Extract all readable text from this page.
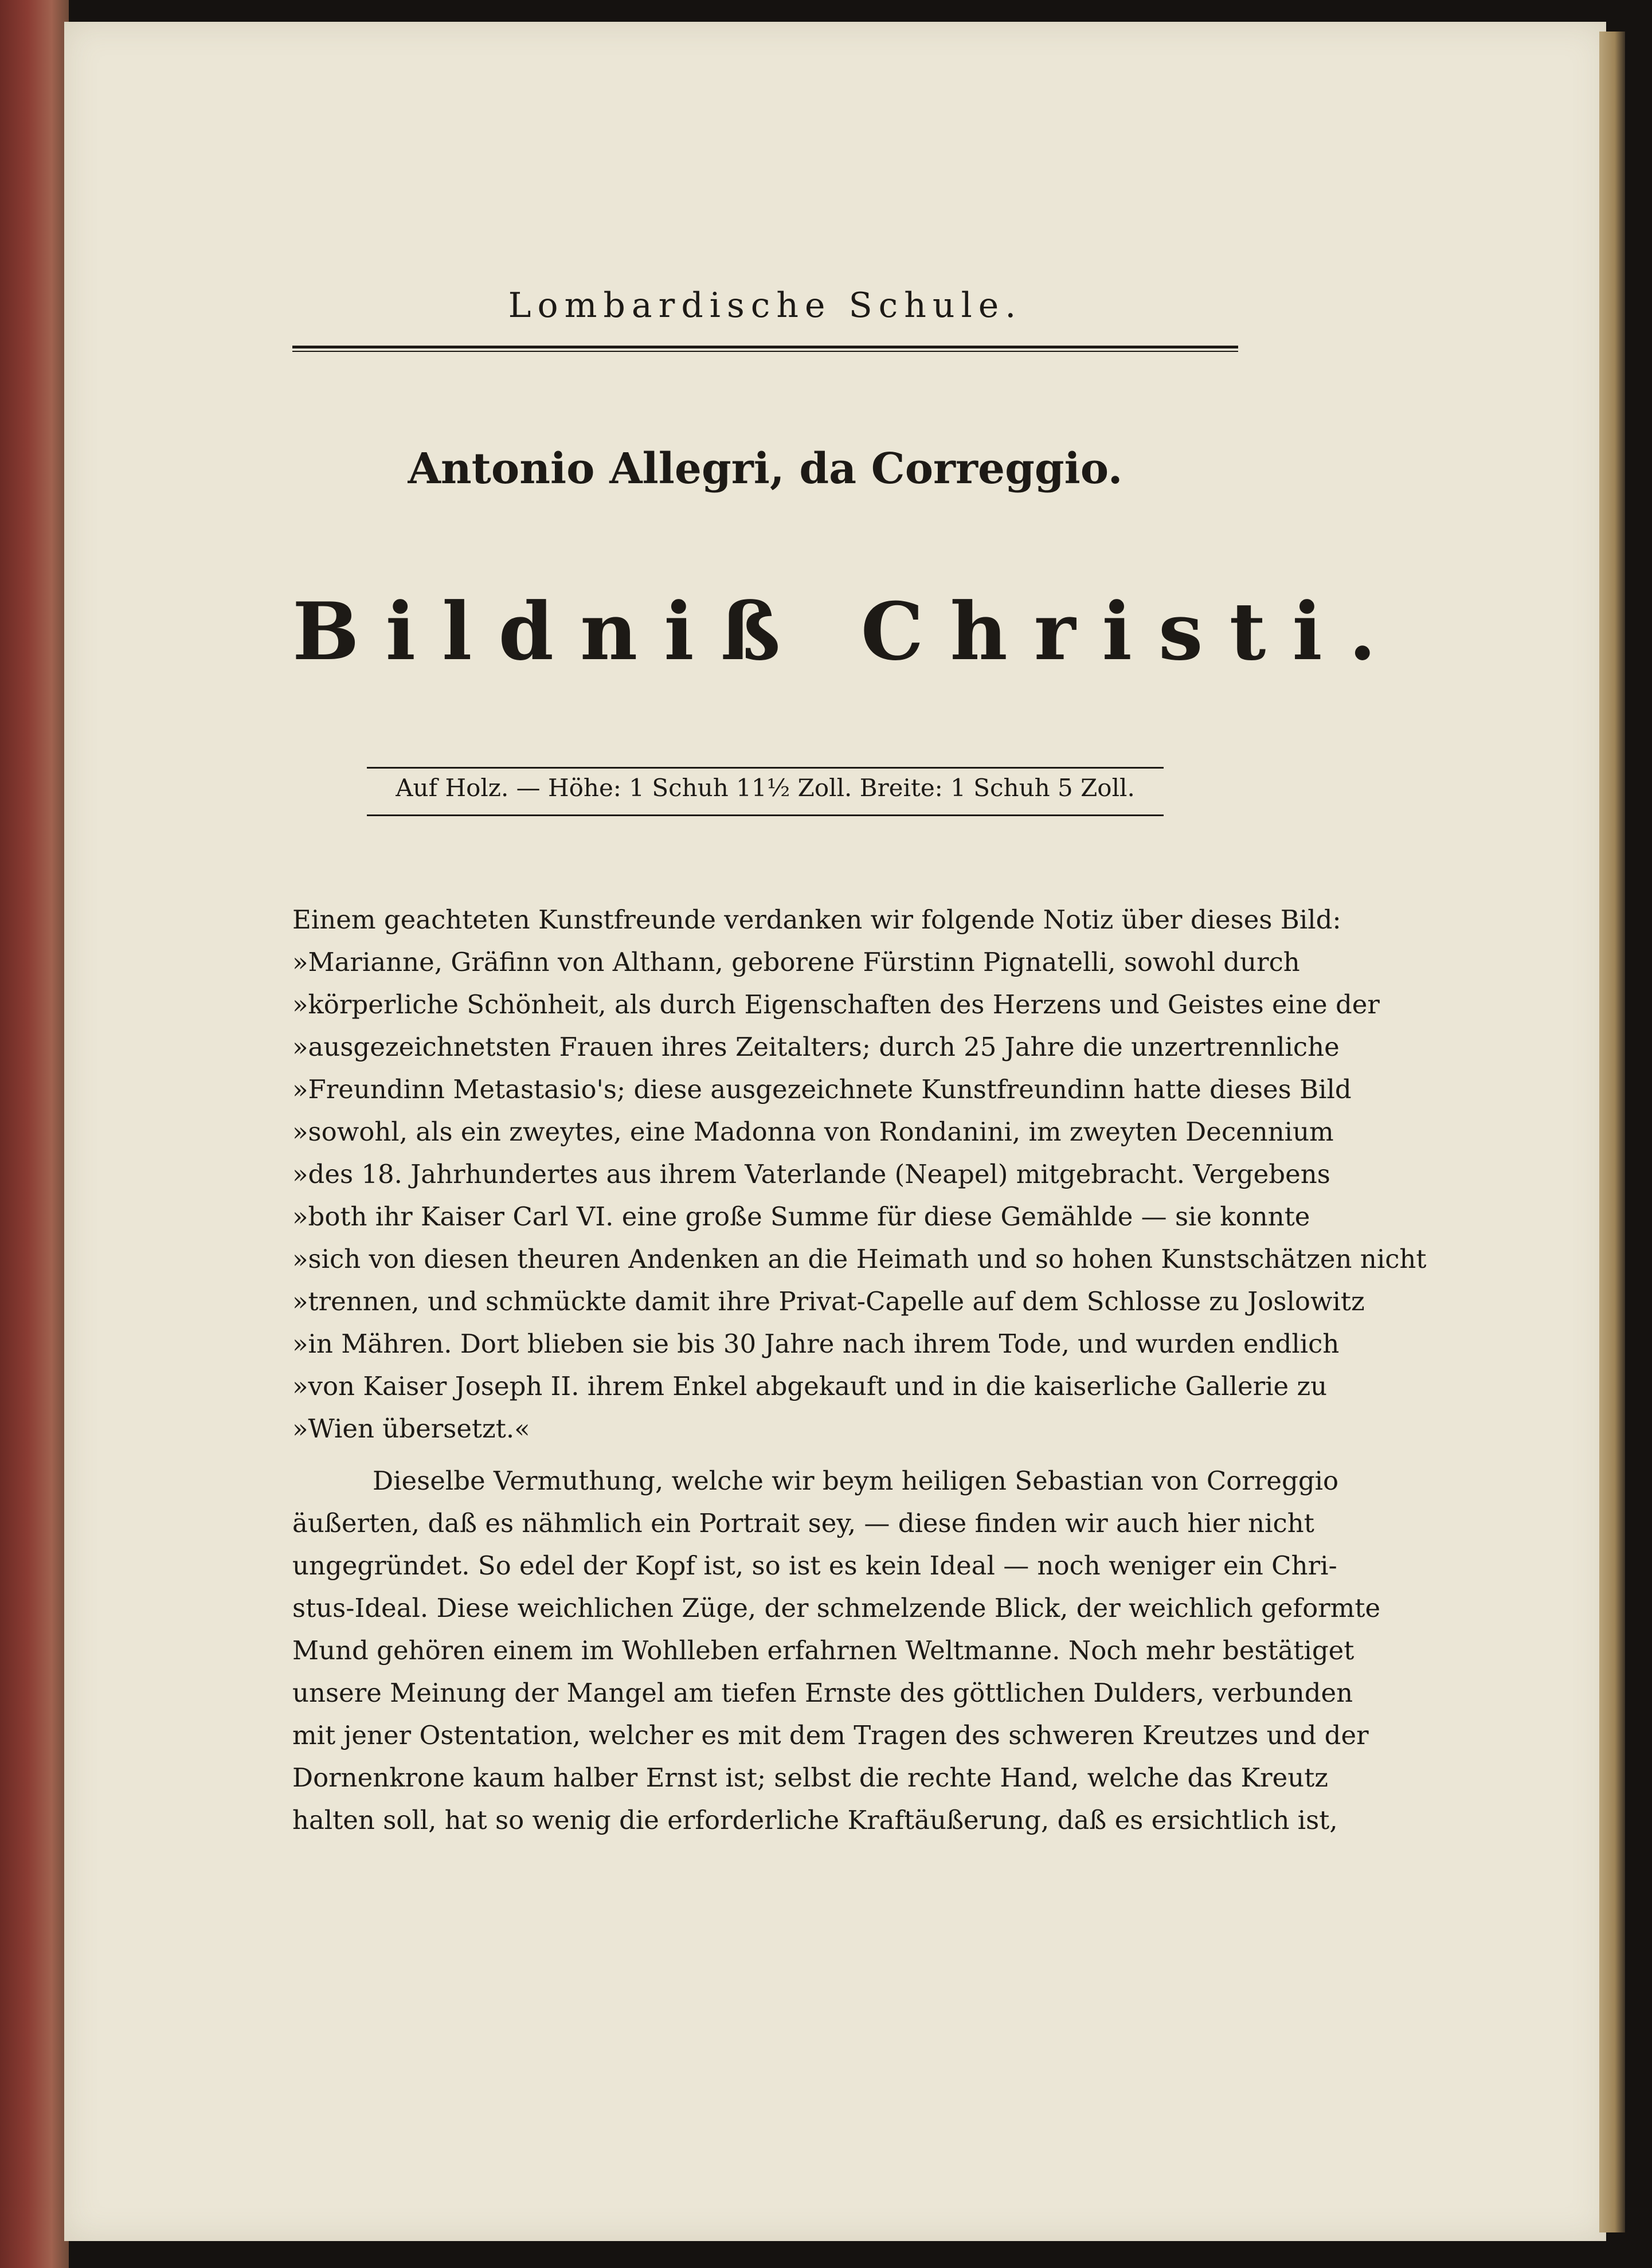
Lombardische Schule.
Antonio Allegri, da Correggio.
Bildniß Christi.
Auf Holz. — Höhe: 1 Schuh 11½ Zoll. Breite: 1 Schuh 5 Zoll.
Einem geachteten Kunstfreunde verdanken wir folgende Notiz über dieses Bild:
»Marianne, Gräfinn von Althann, geborene Fürstinn Pignatelli, sowohl durch
»körperliche Schönheit, als durch Eigenschaften des Herzens und Geistes eine der
»ausgezeichnetsten Frauen ihres Zeitalters; durch 25 Jahre die unzertrennliche
»Freundinn Metastasio's; diese ausgezeichnete Kunstfreundinn hatte dieses Bild
»sowohl, als ein zweytes, eine Madonna von Rondanini, im zweyten Decennium
»des 18. Jahrhundertes aus ihrem Vaterlande (Neapel) mitgebracht. Vergebens
»both ihr Kaiser Carl VI. eine große Summe für diese Gemählde — sie konnte
»sich von diesen theuren Andenken an die Heimath und so hohen Kunstschätzen nicht
»trennen, und schmückte damit ihre Privat-Capelle auf dem Schlosse zu Joslowitz
»in Mähren. Dort blieben sie bis 30 Jahre nach ihrem Tode, und wurden endlich
»von Kaiser Joseph II. ihrem Enkel abgekauft und in die kaiserliche Gallerie zu
»Wien übersetzt.«
Dieselbe Vermuthung, welche wir beym heiligen Sebastian von Correggio
äußerten, daß es nähmlich ein Portrait sey, — diese finden wir auch hier nicht
ungegründet. So edel der Kopf ist, so ist es kein Ideal — noch weniger ein Chri-
stus-Ideal. Diese weichlichen Züge, der schmelzende Blick, der weichlich geformte
Mund gehören einem im Wohlleben erfahrnen Weltmanne. Noch mehr bestätiget
unsere Meinung der Mangel am tiefen Ernste des göttlichen Dulders, verbunden
mit jener Ostentation, welcher es mit dem Tragen des schweren Kreutzes und der
Dornenkrone kaum halber Ernst ist; selbst die rechte Hand, welche das Kreutz
halten soll, hat so wenig die erforderliche Kraftäußerung, daß es ersichtlich ist,
